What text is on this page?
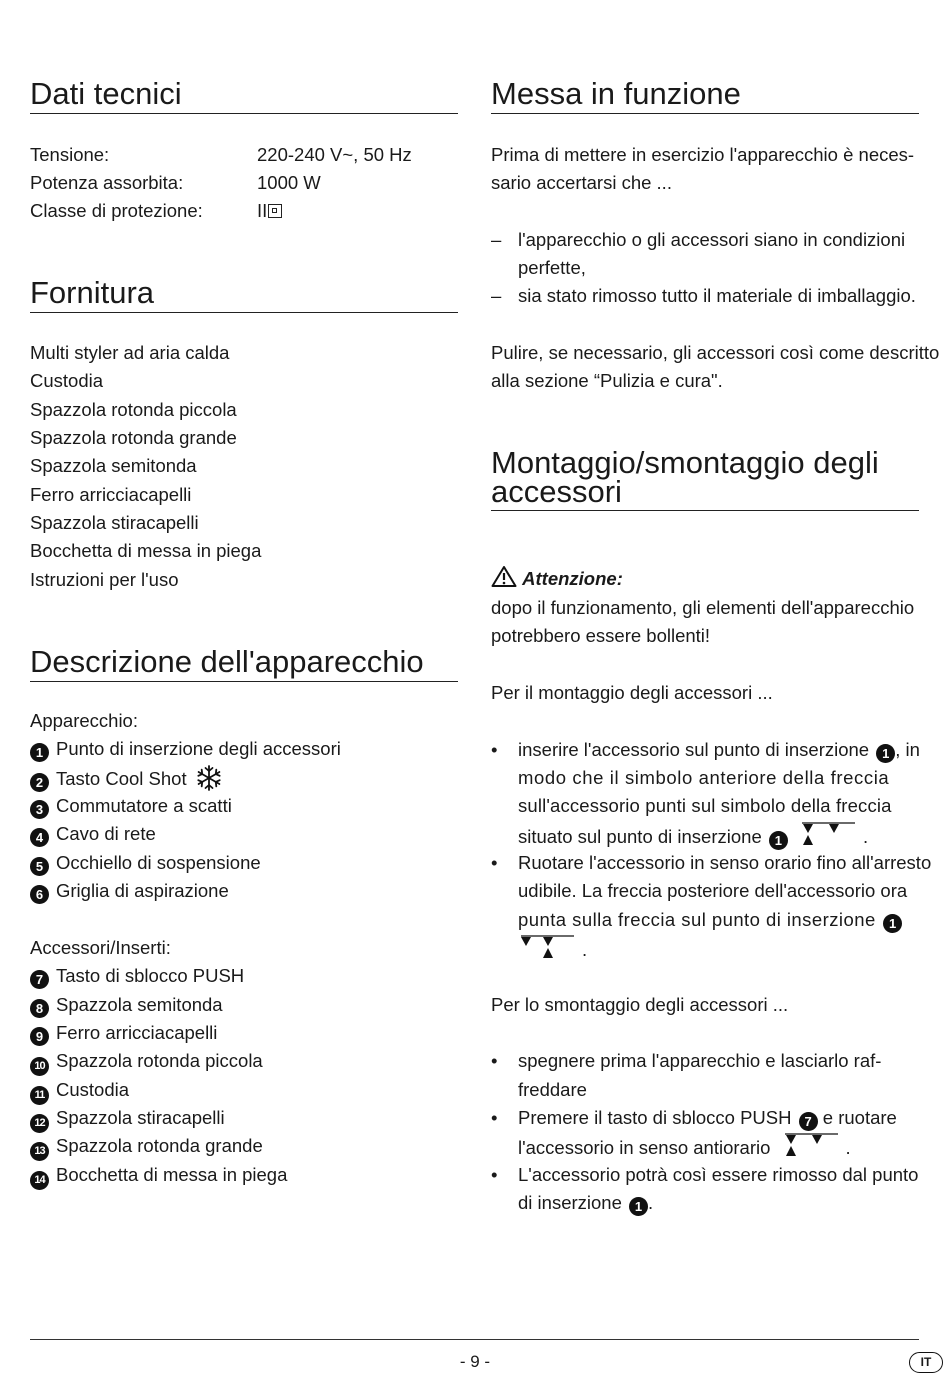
Dati tecnici
Tensione:	220-240 V~, 50 Hz
Potenza assorbita:	1000 W
Classe di protezione:	II
Fornitura
Multi styler ad aria calda
Custodia
Spazzola rotonda piccola
Spazzola rotonda grande
Spazzola semitonda
Ferro arricciacapelli
Spazzola stiracapelli
Bocchetta di messa in piega
Istruzioni per l'uso
Descrizione dell'apparecchio
Apparecchio:
1 Punto di inserzione degli accessori
2 Tasto Cool Shot
3 Commutatore a scatti
4 Cavo di rete
5 Occhiello di sospensione
6 Griglia di aspirazione
Accessori/Inserti:
7 Tasto di sblocco PUSH
8 Spazzola semitonda
9 Ferro arricciacapelli
10 Spazzola rotonda piccola
11 Custodia
12 Spazzola stiracapelli
13 Spazzola rotonda grande
14 Bocchetta di messa in piega
Messa in funzione
Prima di mettere in esercizio l'apparecchio è neces-
sario accertarsi che ...
– l'apparecchio o gli accessori siano in condizioni
perfette,
– sia stato rimosso tutto il materiale di imballaggio.
Pulire, se necessario, gli accessori così come descritto
alla sezione “Pulizia e cura".
Montaggio/smontaggio degli
accessori
Attenzione:
dopo il funzionamento, gli elementi dell'apparecchio
potrebbero essere bollenti!
Per il montaggio degli accessori ...
• inserire l'accessorio sul punto di inserzione 1 , in
modo che il simbolo anteriore della freccia
sull'accessorio punti sul simbolo della freccia
situato sul punto di inserzione 1	.
• Ruotare l'accessorio in senso orario fino all'arresto
udibile. La freccia posteriore dell'accessorio ora
punta sulla freccia sul punto di inserzione 1
.
Per lo smontaggio degli accessori ...
• spegnere prima l'apparecchio e lasciarlo raf-
freddare
• Premere il tasto di sblocco PUSH 7 e ruotare
l'accessorio in senso antiorario	.
• L'accessorio potrà così essere rimosso dal punto
di inserzione 1 .
- 9 -	IT
